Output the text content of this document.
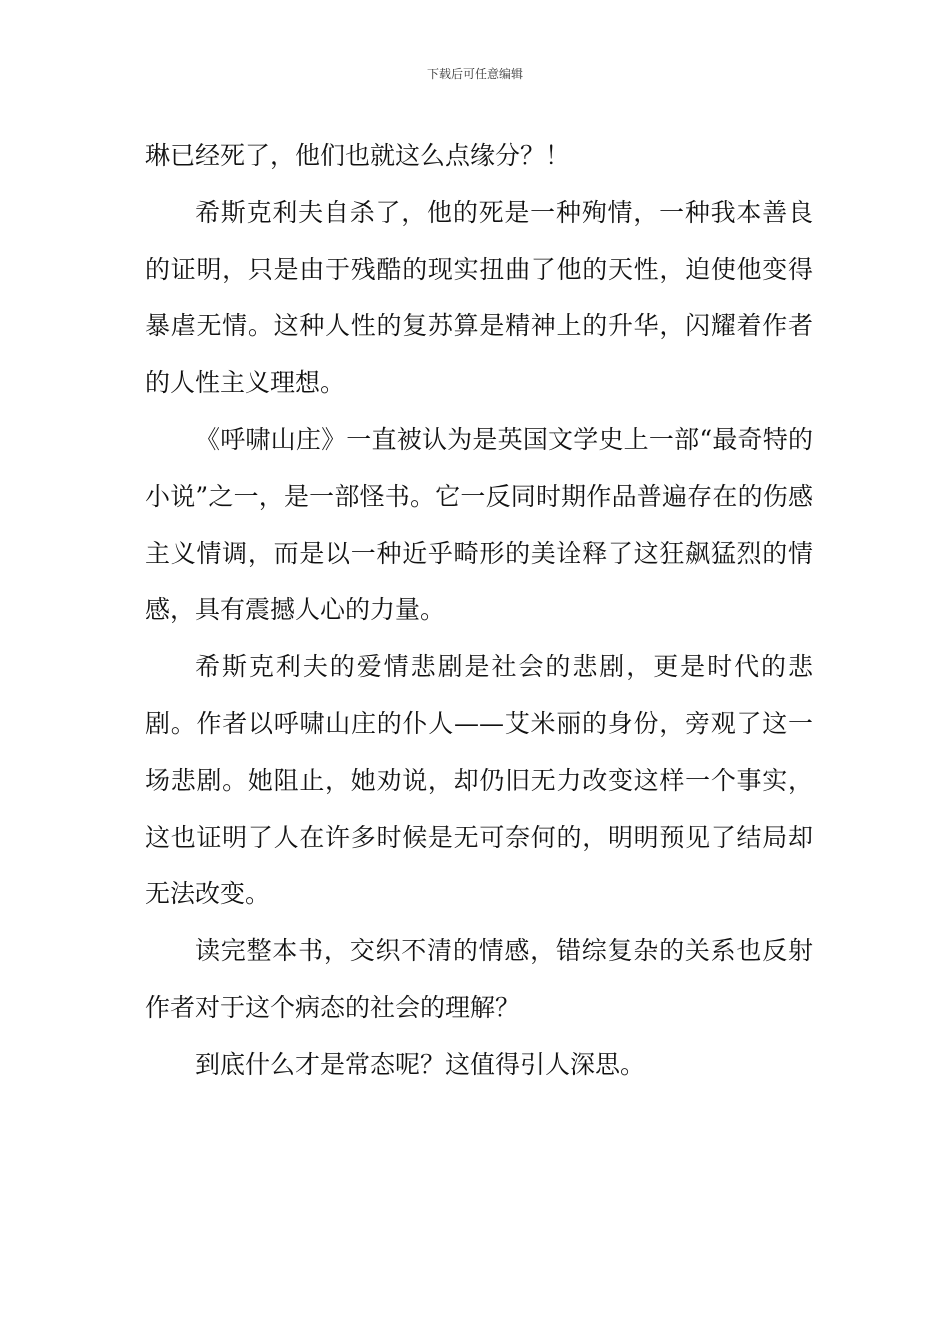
下载后可任意编辑

琳已经死了，他们也就这么点缘分？！

希斯克利夫自杀了，他的死是一种殉情，一种我本善良的证明，只是由于残酷的现实扭曲了他的天性，迫使他变得暴虐无情。这种人性的复苏算是精神上的升华，闪耀着作者的人性主义理想。

《呼啸山庄》一直被认为是英国文学史上一部“最奇特的小说”之一，是一部怪书。它一反同时期作品普遍存在的伤感主义情调，而是以一种近乎畸形的美诠释了这狂飙猛烈的情感，具有震撼人心的力量。

希斯克利夫的爱情悲剧是社会的悲剧，更是时代的悲剧。作者以呼啸山庄的仆人——艾米丽的身份，旁观了这一场悲剧。她阻止，她劝说，却仍旧无力改变这样一个事实，这也证明了人在许多时候是无可奈何的，明明预见了结局却无法改变。

读完整本书，交织不清的情感，错综复杂的关系也反射作者对于这个病态的社会的理解？

到底什么才是常态呢？这值得引人深思。
